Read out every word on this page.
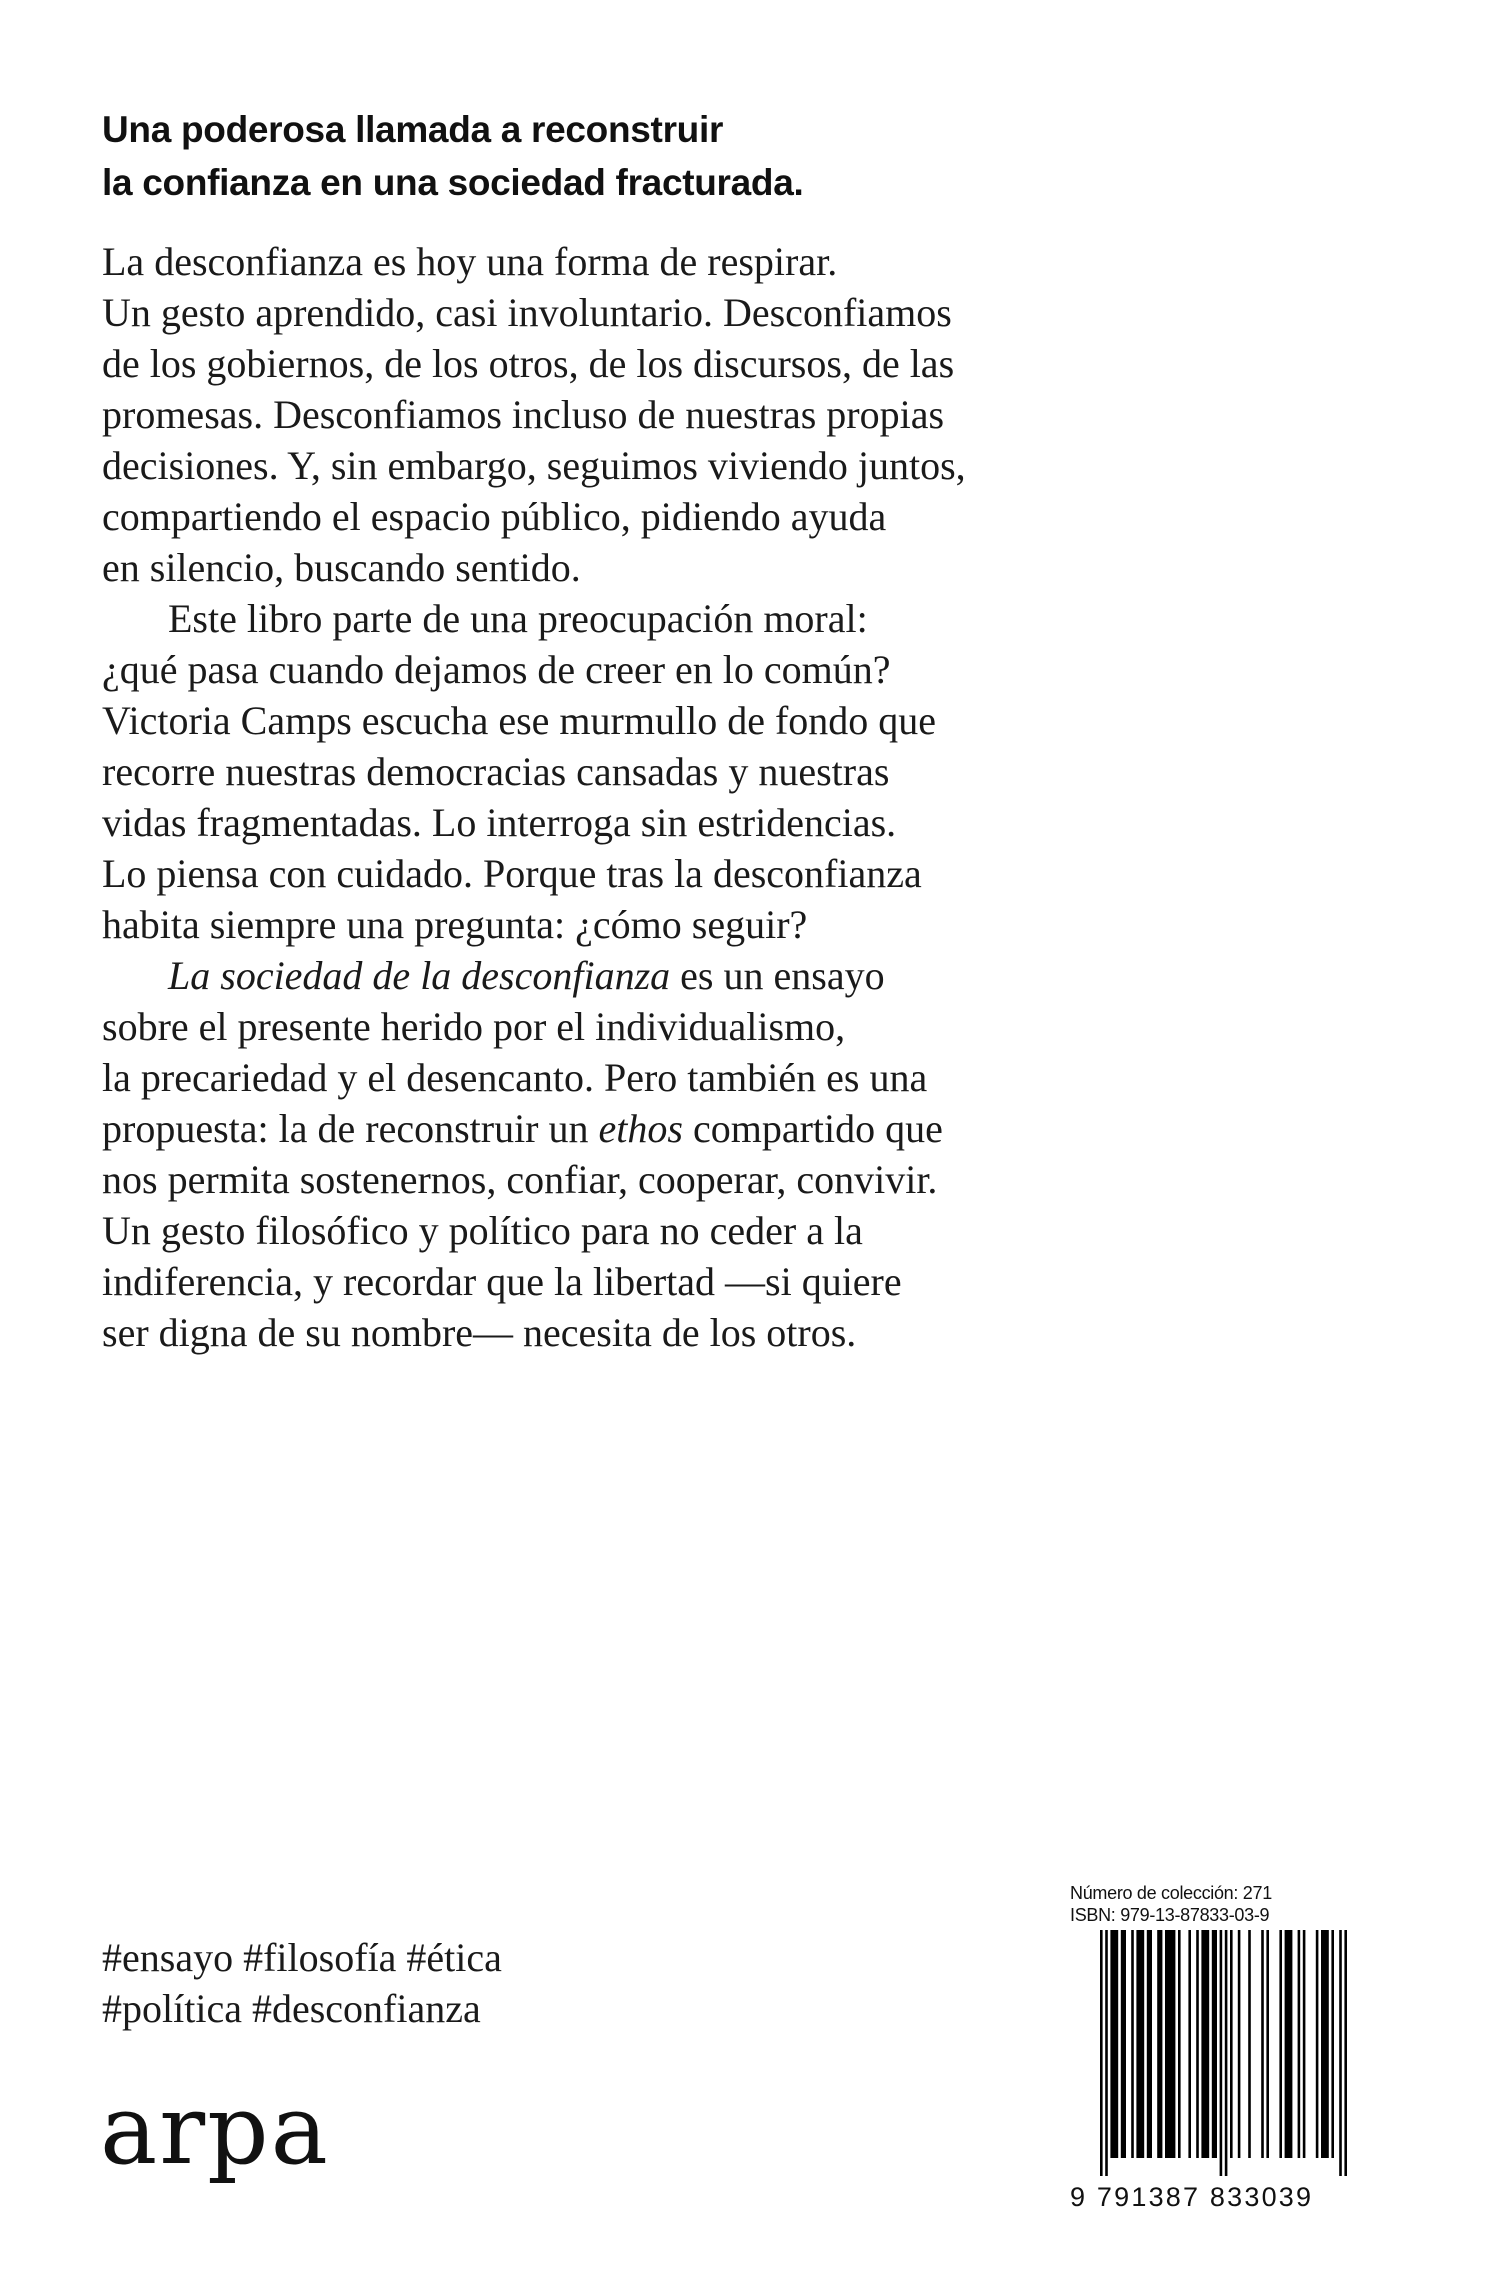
Una poderosa llamada a reconstruir
la confianza en una sociedad fracturada.
La desconfianza es hoy una forma de respirar.
Un gesto aprendido, casi involuntario. Desconfiamos
de los gobiernos, de los otros, de los discursos, de las
promesas. Desconfiamos incluso de nuestras propias
decisiones. Y, sin embargo, seguimos viviendo juntos,
compartiendo el espacio público, pidiendo ayuda
en silencio, buscando sentido.
Este libro parte de una preocupación moral:
¿qué pasa cuando dejamos de creer en lo común?
Victoria Camps escucha ese murmullo de fondo que
recorre nuestras democracias cansadas y nuestras
vidas fragmentadas. Lo interroga sin estridencias.
Lo piensa con cuidado. Porque tras la desconfianza
habita siempre una pregunta: ¿cómo seguir?
La sociedad de la desconfianza es un ensayo
sobre el presente herido por el individualismo,
la precariedad y el desencanto. Pero también es una
propuesta: la de reconstruir un ethos compartido que
nos permita sostenernos, confiar, cooperar, convivir.
Un gesto filosófico y político para no ceder a la
indiferencia, y recordar que la libertad —si quiere
ser digna de su nombre— necesita de los otros.
#ensayo #filosofía #ética
#política #desconfianza
arpa
Número de colección: 271
ISBN: 979-13-87833-03-9
9 791387 833039
